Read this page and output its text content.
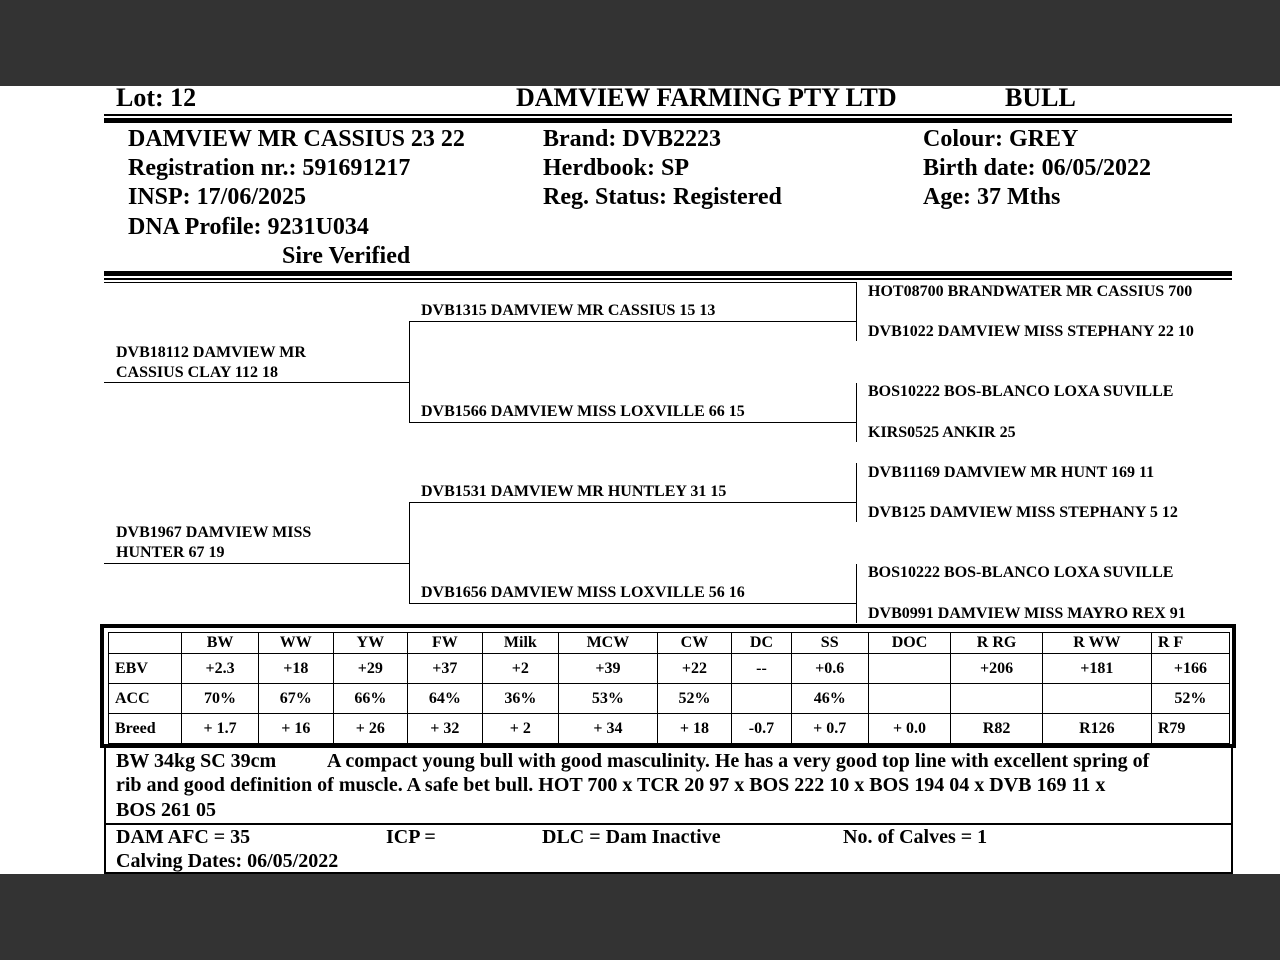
Lot: 12	DAMVIEW FARMING PTY LTD	BULL
DAMVIEW MR CASSIUS 23 22
Registration nr.: 591691217
INSP: 17/06/2025
DNA Profile: 9231U034
Sire Verified
Brand: DVB2223
Herdbook: SP
Reg. Status: Registered
Colour: GREY
Birth date: 06/05/2022
Age: 37 Mths
DVB18112 DAMVIEW MR CASSIUS CLAY 112 18
DVB1967 DAMVIEW MISS HUNTER 67 19
DVB1315 DAMVIEW MR CASSIUS 15 13
DVB1566 DAMVIEW MISS LOXVILLE 66 15
DVB1531 DAMVIEW MR HUNTLEY 31 15
DVB1656 DAMVIEW MISS LOXVILLE 56 16
HOT08700 BRANDWATER MR CASSIUS 700
DVB1022 DAMVIEW MISS STEPHANY 22 10
BOS10222 BOS-BLANCO LOXA SUVILLE
KIRS0525 ANKIR 25
DVB11169 DAMVIEW MR HUNT 169 11
DVB125 DAMVIEW MISS STEPHANY 5 12
BOS10222 BOS-BLANCO LOXA SUVILLE
DVB0991 DAMVIEW MISS MAYRO REX 91
	BW	WW	YW	FW	Milk	MCW	CW	DC	SS	DOC	R RG	R WW	R F
EBV	+2.3	+18	+29	+37	+2	+39	+22	--	+0.6		+206	+181	+166
ACC	70%	67%	66%	64%	36%	53%	52%		46%				52%
Breed	+ 1.7	+ 16	+ 26	+ 32	+ 2	+ 34	+ 18	-0.7	+ 0.7	+ 0.0	R82	R126	R79
BW 34kg SC 39cm	A compact young bull with good masculinity. He has a very good top line with excellent spring of
rib and good definition of muscle. A safe bet bull. HOT 700 x TCR 20 97 x BOS 222 10 x BOS 194 04 x DVB 169 11 x
BOS 261 05
DAM AFC = 35	ICP =	DLC = Dam Inactive	No. of Calves = 1
Calving Dates: 06/05/2022
